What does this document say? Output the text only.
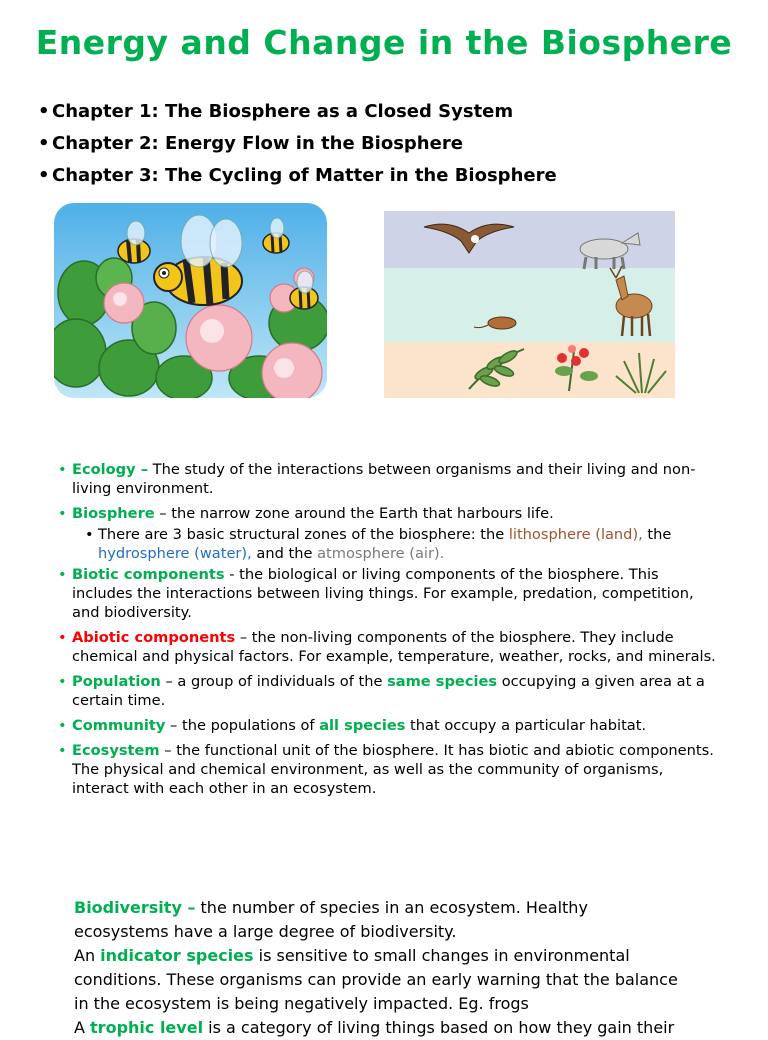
Energy and Change in the Biosphere
• Chapter 1: The Biosphere as a Closed System
• Chapter 2: Energy Flow in the Biosphere
• Chapter 3: The Cycling of Matter in the Biosphere
• Ecology – The study of the interactions between organisms and their living and non-living environment.
• Biosphere – the narrow zone around the Earth that harbours life.
• There are 3 basic structural zones of the biosphere: the lithosphere (land), the hydrosphere (water), and the atmosphere (air).
• Biotic components - the biological or living components of the biosphere. This includes the interactions between living things. For example, predation, competition, and biodiversity.
• Abiotic components – the non-living components of the biosphere. They include chemical and physical factors. For example, temperature, weather, rocks, and minerals.
• Population – a group of individuals of the same species occupying a given area at a certain time.
• Community – the populations of all species that occupy a particular habitat.
• Ecosystem – the functional unit of the biosphere. It has biotic and abiotic components. The physical and chemical environment, as well as the community of organisms, interact with each other in an ecosystem.

Biodiversity – the number of species in an ecosystem. Healthy ecosystems have a large degree of biodiversity.

An indicator species is sensitive to small changes in environmental conditions. These organisms can provide an early warning that the balance in the ecosystem is being negatively impacted. Eg. frogs

A trophic level is a category of living things based on how they gain their
